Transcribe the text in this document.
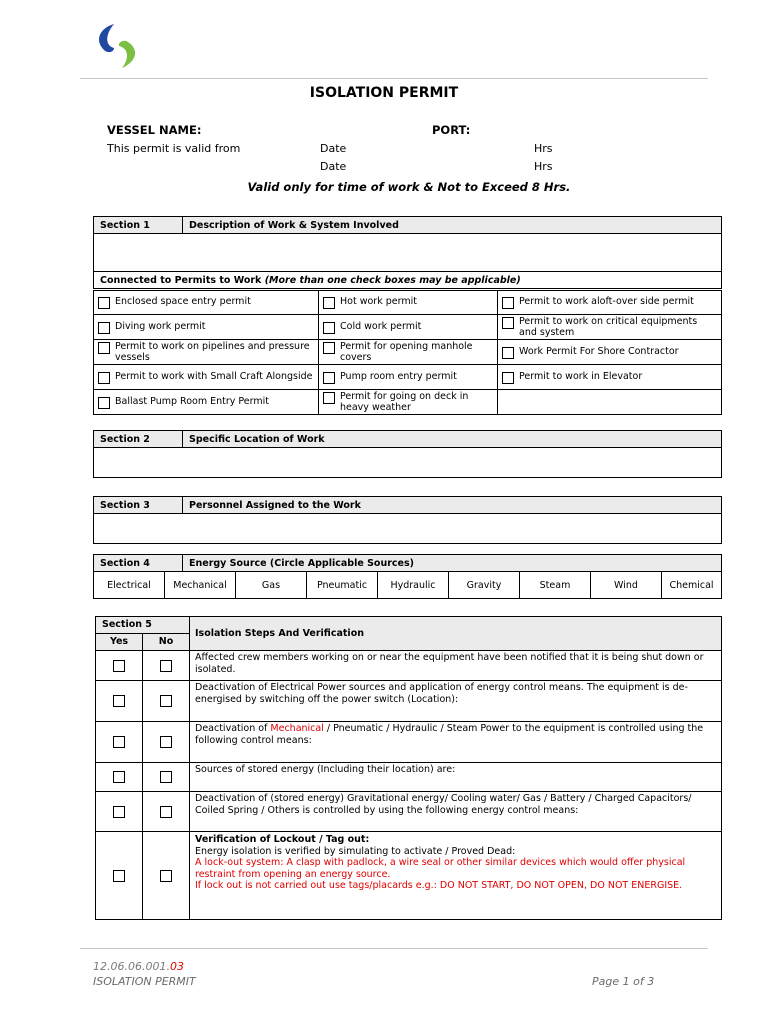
ISOLATION PERMIT
VESSEL NAME:	PORT:
This permit is valid from	Date	Hrs
Date	Hrs
Valid only for time of work & Not to Exceed 8 Hrs.
Section 1	Description of Work & System Involved

Connected to Permits to Work (More than one check boxes may be applicable)
Enclosed space entry permit	Hot work permit	Permit to work aloft-over side permit

Diving work permit	Cold work permit	Permit to work on critical equipments and system

Permit to work on pipelines and pressure vessels	Permit for opening manhole covers	Work Permit For Shore Contractor

Permit to work with Small Craft Alongside	Pump room entry permit	Permit to work in Elevator

Ballast Pump Room Entry Permit	Permit for going on deck in heavy weather	

Section 2	Specific Location of Work

Section 3	Personnel Assigned to the Work

Section 4	Energy Source (Circle Applicable Sources)
Electrical	Mechanical	Gas	Pneumatic	Hydraulic	Gravity	Steam	Wind	Chemical
Section 5		Isolation Steps And Verification
Yes	No	
		Affected crew members working on or near the equipment have been notified that it is being shut down or isolated.
		Deactivation of Electrical Power sources and application of energy control means. The equipment is de- energised by switching off the power switch (Location):
		Deactivation of Mechanical / Pneumatic / Hydraulic / Steam Power to the equipment is controlled using the following control means:
		Sources of stored energy (Including their location) are:
		Deactivation of (stored energy) Gravitational energy/ Cooling water/ Gas / Battery / Charged Capacitors/ Coiled Spring / Others is controlled by using the following energy control means:

		Verification of Lockout / Tag out:
Energy isolation is verified by simulating to activate / Proved Dead:
A lock-out system: A clasp with padlock, a wire seal or other similar devices which would offer physical restraint from opening an energy source.
If lock out is not carried out use tags/placards e.g.: DO NOT START, DO NOT OPEN, DO NOT ENERGISE.
12.06.06.001.03
ISOLATION PERMIT	Page 1 of 3
